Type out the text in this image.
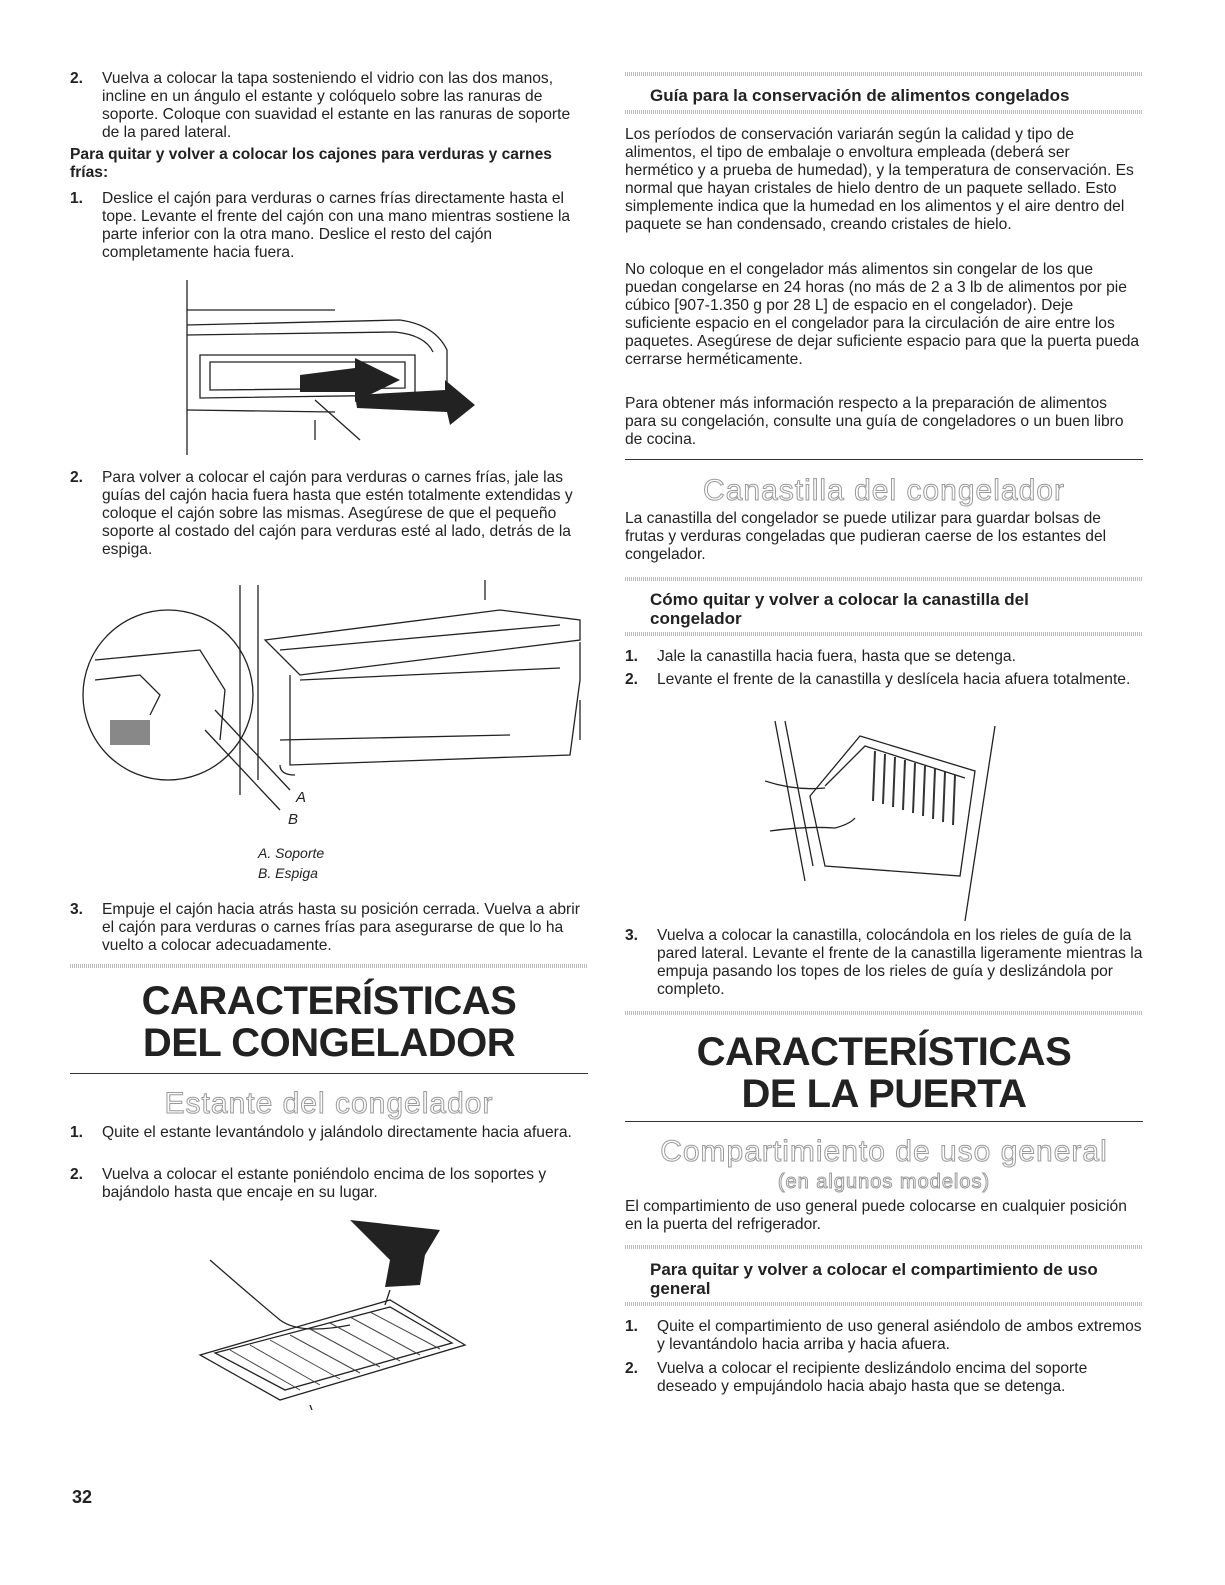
2. Vuelva a colocar la tapa sosteniendo el vidrio con las dos manos, incline en un ángulo el estante y colóquelo sobre las ranuras de soporte. Coloque con suavidad el estante en las ranuras de soporte de la pared lateral.
Para quitar y volver a colocar los cajones para verduras y carnes frías:
1. Deslice el cajón para verduras o carnes frías directamente hasta el tope. Levante el frente del cajón con una mano mientras sostiene la parte inferior con la otra mano. Deslice el resto del cajón completamente hacia fuera.
2. Para volver a colocar el cajón para verduras o carnes frías, jale las guías del cajón hacia fuera hasta que estén totalmente extendidas y coloque el cajón sobre las mismas. Asegúrese de que el pequeño soporte al costado del cajón para verduras esté al lado, detrás de la espiga.
A
B
A. Soporte
B. Espiga
3. Empuje el cajón hacia atrás hasta su posición cerrada. Vuelva a abrir el cajón para verduras o carnes frías para asegurarse de que lo ha vuelto a colocar adecuadamente.
CARACTERÍSTICAS
DEL CONGELADOR
Estante del congelador
1. Quite el estante levantándolo y jalándolo directamente hacia afuera.
2. Vuelva a colocar el estante poniéndolo encima de los soportes y bajándolo hasta que encaje en su lugar.
Guía para la conservación de alimentos congelados
Los períodos de conservación variarán según la calidad y tipo de alimentos, el tipo de embalaje o envoltura empleada (deberá ser hermético y a prueba de humedad), y la temperatura de conservación. Es normal que hayan cristales de hielo dentro de un paquete sellado. Esto simplemente indica que la humedad en los alimentos y el aire dentro del paquete se han condensado, creando cristales de hielo.
No coloque en el congelador más alimentos sin congelar de los que puedan congelarse en 24 horas (no más de 2 a 3 lb de alimentos por pie cúbico [907-1.350 g por 28 L] de espacio en el congelador). Deje suficiente espacio en el congelador para la circulación de aire entre los paquetes. Asegúrese de dejar suficiente espacio para que la puerta pueda cerrarse herméticamente.
Para obtener más información respecto a la preparación de alimentos para su congelación, consulte una guía de congeladores o un buen libro de cocina.
Canastilla del congelador
La canastilla del congelador se puede utilizar para guardar bolsas de frutas y verduras congeladas que pudieran caerse de los estantes del congelador.
Cómo quitar y volver a colocar la canastilla del
congelador
1. Jale la canastilla hacia fuera, hasta que se detenga.
2. Levante el frente de la canastilla y deslícela hacia afuera totalmente.
3. Vuelva a colocar la canastilla, colocándola en los rieles de guía de la pared lateral. Levante el frente de la canastilla ligeramente mientras la empuja pasando los topes de los rieles de guía y deslizándola por completo.
CARACTERÍSTICAS
DE LA PUERTA
Compartimiento de uso general
(en algunos modelos)
El compartimiento de uso general puede colocarse en cualquier posición en la puerta del refrigerador.
Para quitar y volver a colocar el compartimiento de uso
general
1. Quite el compartimiento de uso general asiéndolo de ambos extremos y levantándolo hacia arriba y hacia afuera.
2. Vuelva a colocar el recipiente deslizándolo encima del soporte deseado y empujándolo hacia abajo hasta que se detenga.
32
